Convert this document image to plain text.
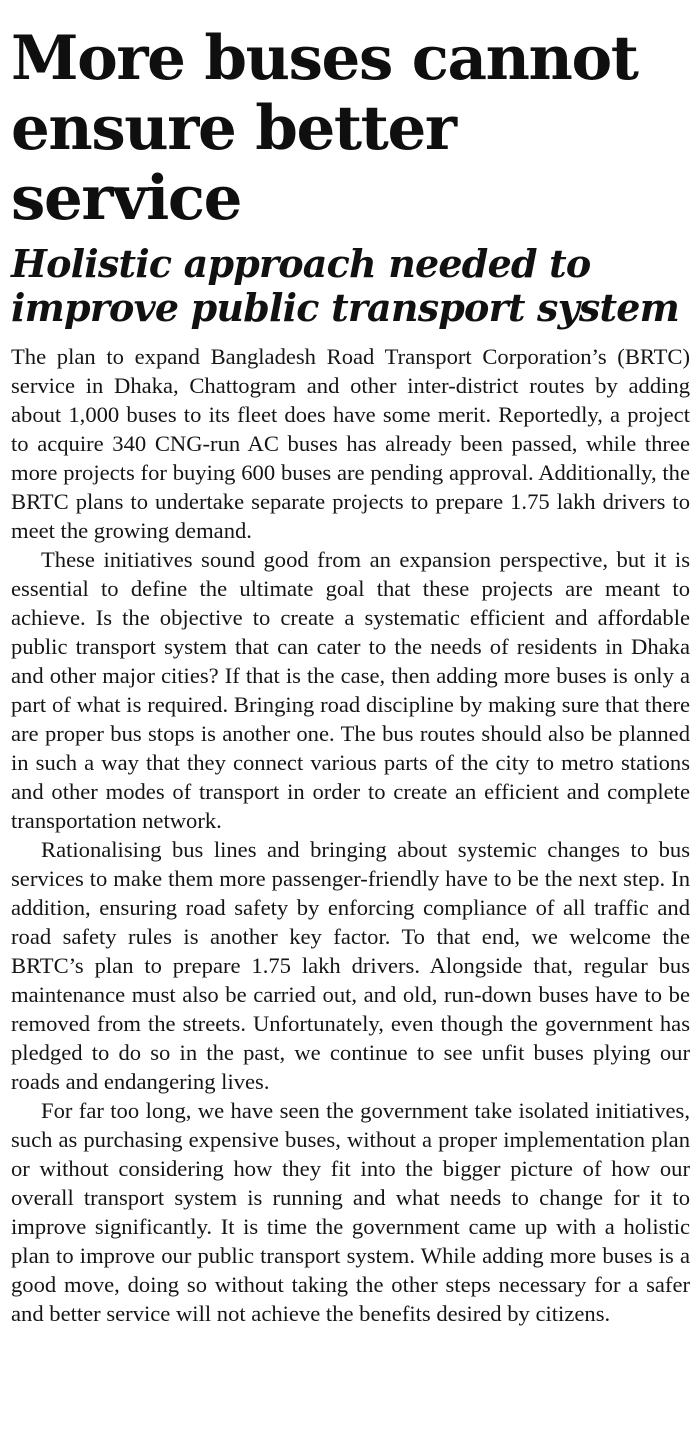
More buses cannot ensure better service
Holistic approach needed to improve public transport system

The plan to expand Bangladesh Road Transport Corporation’s (BRTC) service in Dhaka, Chattogram and other inter-district routes by adding about 1,000 buses to its fleet does have some merit. Reportedly, a project to acquire 340 CNG-run AC buses has already been passed, while three more projects for buying 600 buses are pending approval. Additionally, the BRTC plans to undertake separate projects to prepare 1.75 lakh drivers to meet the growing demand.

These initiatives sound good from an expansion perspective, but it is essential to define the ultimate goal that these projects are meant to achieve. Is the objective to create a systematic efficient and affordable public transport system that can cater to the needs of residents in Dhaka and other major cities? If that is the case, then adding more buses is only a part of what is required. Bringing road discipline by making sure that there are proper bus stops is another one. The bus routes should also be planned in such a way that they connect various parts of the city to metro stations and other modes of transport in order to create an efficient and complete transportation network.

Rationalising bus lines and bringing about systemic changes to bus services to make them more passenger-friendly have to be the next step. In addition, ensuring road safety by enforcing compliance of all traffic and road safety rules is another key factor. To that end, we welcome the BRTC’s plan to prepare 1.75 lakh drivers. Alongside that, regular bus maintenance must also be carried out, and old, run-down buses have to be removed from the streets. Unfortunately, even though the government has pledged to do so in the past, we continue to see unfit buses plying our roads and endangering lives.

For far too long, we have seen the government take isolated initiatives, such as purchasing expensive buses, without a proper implementation plan or without considering how they fit into the bigger picture of how our overall transport system is running and what needs to change for it to improve significantly. It is time the government came up with a holistic plan to improve our public transport system. While adding more buses is a good move, doing so without taking the other steps necessary for a safer and better service will not achieve the benefits desired by citizens.
